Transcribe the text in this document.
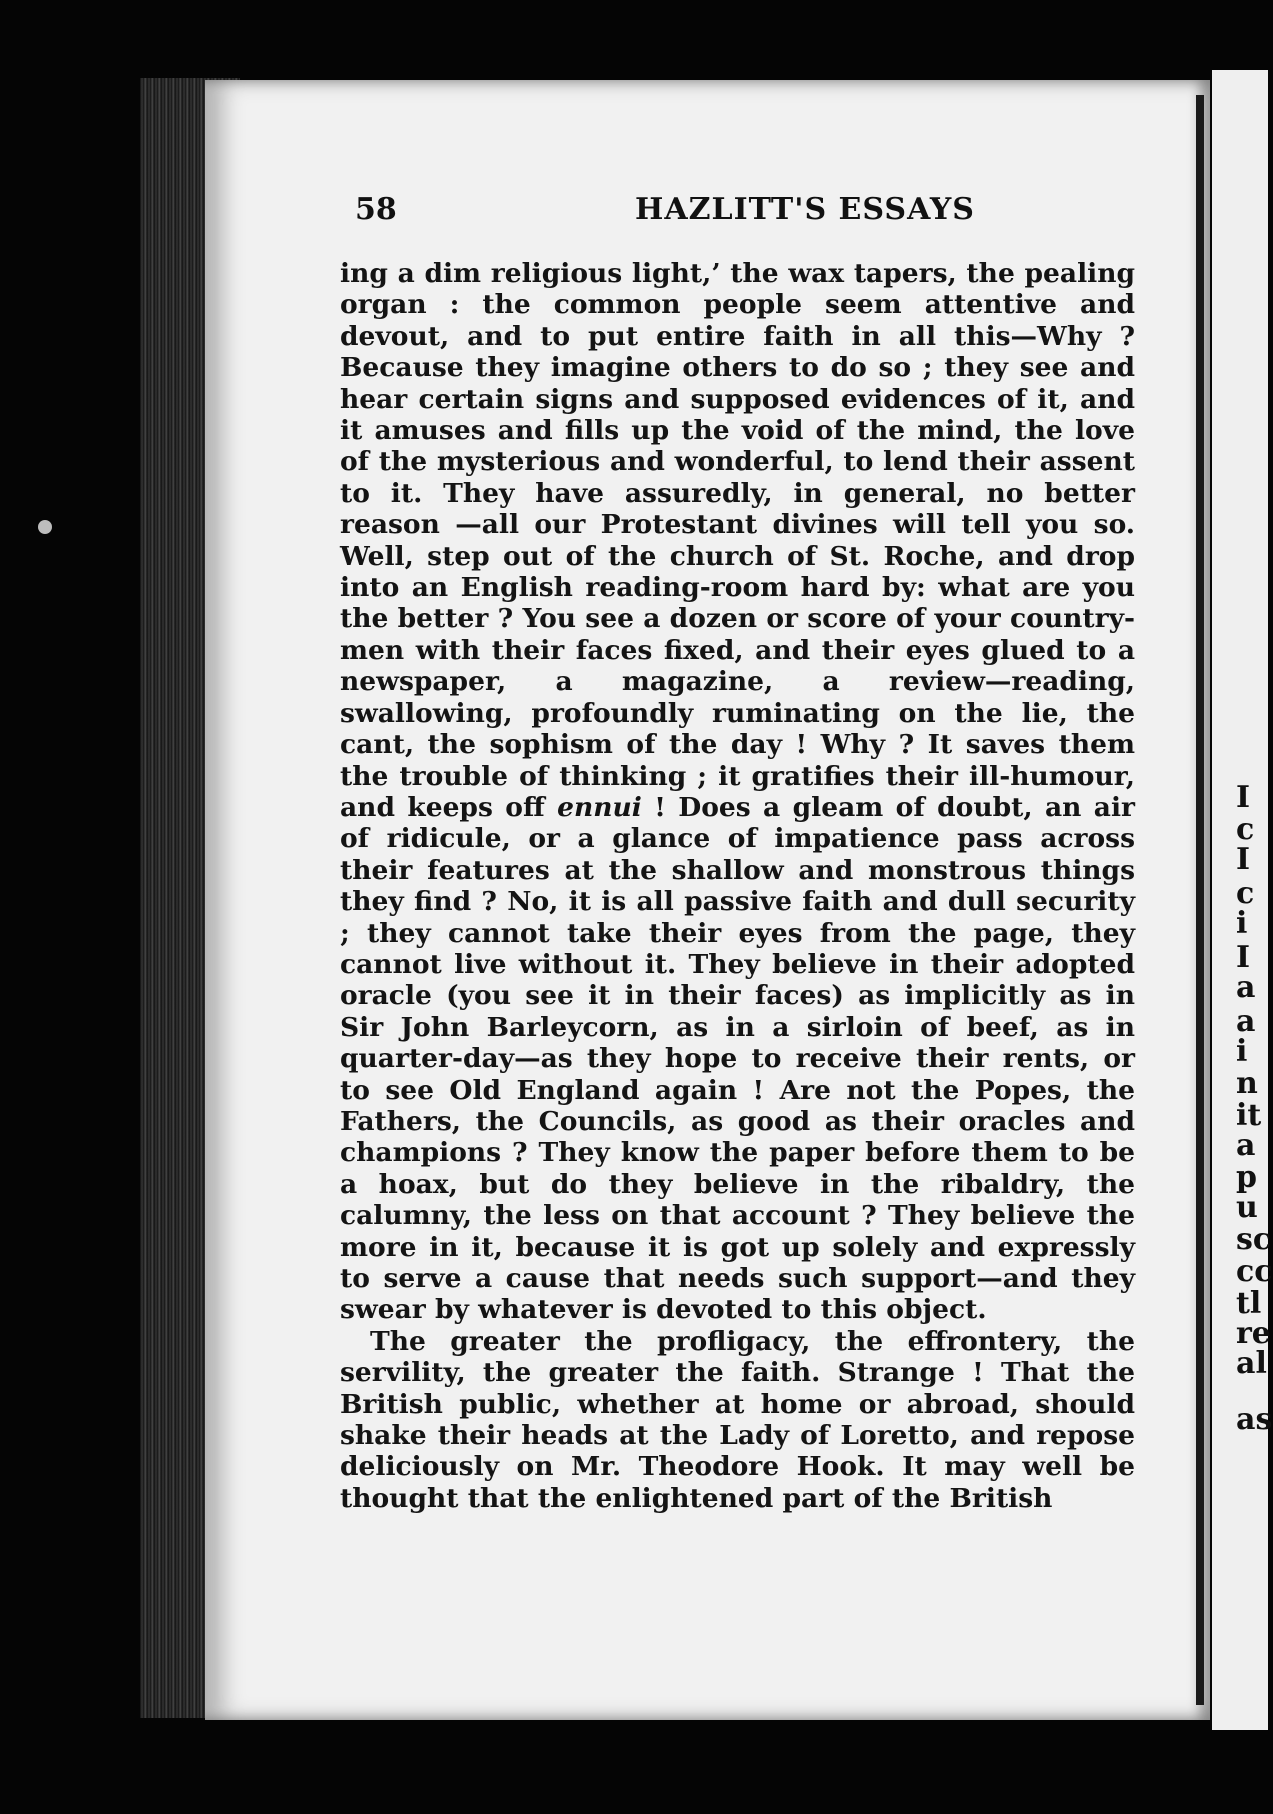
I
c
I
c
i
I
a
a
i
n
it
a
p
u
sc
cc
tl
re
al
as
58	HAZLITT'S ESSAYS

ing a dim religious light,’ the wax tapers, the pealing organ : the common people seem attentive and devout, and to put entire faith in all this—Why ? Because they imagine others to do so ; they see and hear certain signs and supposed evidences of it, and it amuses and fills up the void of the mind, the love of the mysterious and wonderful, to lend their assent to it. They have assuredly, in general, no better reason —all our Protestant divines will tell you so. Well, step out of the church of St. Roche, and drop into an English reading-room hard by: what are you the better ? You see a dozen or score of your country-men with their faces fixed, and their eyes glued to a newspaper, a magazine, a review—reading, swallowing, profoundly ruminating on the lie, the cant, the sophism of the day ! Why ? It saves them the trouble of thinking ; it gratifies their ill-humour, and keeps off ennui ! Does a gleam of doubt, an air of ridicule, or a glance of impatience pass across their features at the shallow and monstrous things they find ? No, it is all passive faith and dull security ; they cannot take their eyes from the page, they cannot live without it. They believe in their adopted oracle (you see it in their faces) as implicitly as in Sir John Barleycorn, as in a sirloin of beef, as in quarter-day—as they hope to receive their rents, or to see Old England again ! Are not the Popes, the Fathers, the Councils, as good as their oracles and champions ? They know the paper before them to be a hoax, but do they believe in the ribaldry, the calumny, the less on that account ? They believe the more in it, because it is got up solely and expressly to serve a cause that needs such support—and they swear by whatever is devoted to this object.

The greater the profligacy, the effrontery, the servility, the greater the faith. Strange ! That the British public, whether at home or abroad, should shake their heads at the Lady of Loretto, and repose deliciously on Mr. Theodore Hook. It may well be thought that the enlightened part of the British
